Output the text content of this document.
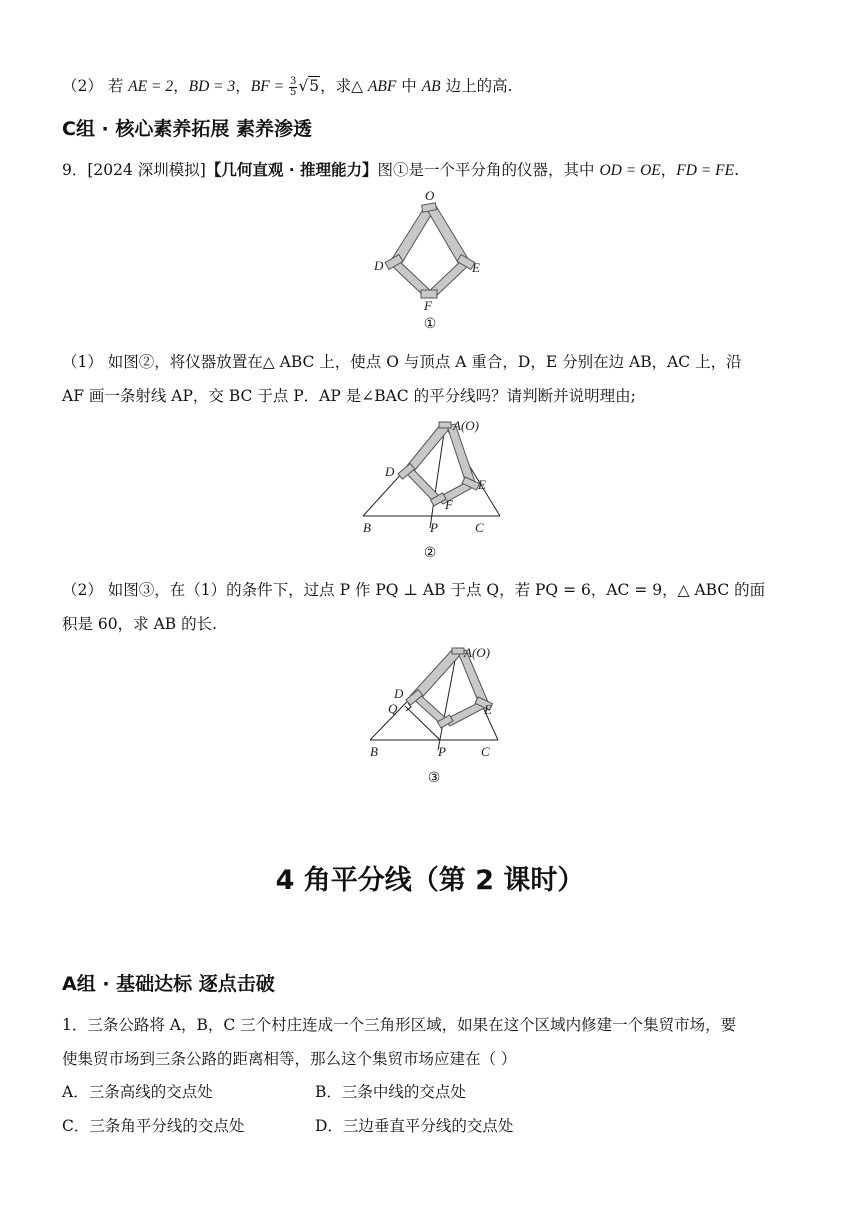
（2） 若 AE = 2，BD = 3，BF = $\frac{3}{5} √5$，求△ ABF 中 AB 边上的高.
C组 · 核心素养拓展 素养渗透
9．[2024 深圳模拟]【几何直观 · 推理能力】图①是一个平分角的仪器，其中 OD = OE，FD = FE.
O
D	E
F
①
（1） 如图②，将仪器放置在△ ABC 上，使点 O 与顶点 A 重合，D，E 分别在边 AB，AC 上，沿
AF 画一条射线 AP，交 BC 于点 P．AP 是∠BAC 的平分线吗？请判断并说明理由;
A(O)
D
E
F
B	P	C
②
（2） 如图③，在（1）的条件下，过点 P 作 PQ ⊥ AB 于点 Q，若 PQ = 6，AC = 9，△ ABC 的面
积是 60，求 AB 的长.
A(O)
D
Q	E
B	P	C
③
4 角平分线（第 2 课时）
A组 · 基础达标 逐点击破
1．三条公路将 A，B，C 三个村庄连成一个三角形区域，如果在这个区域内修建一个集贸市场，要
使集贸市场到三条公路的距离相等，那么这个集贸市场应建在（ ）
A．三条高线的交点处	B．三条中线的交点处
C．三条角平分线的交点处	D．三边垂直平分线的交点处
